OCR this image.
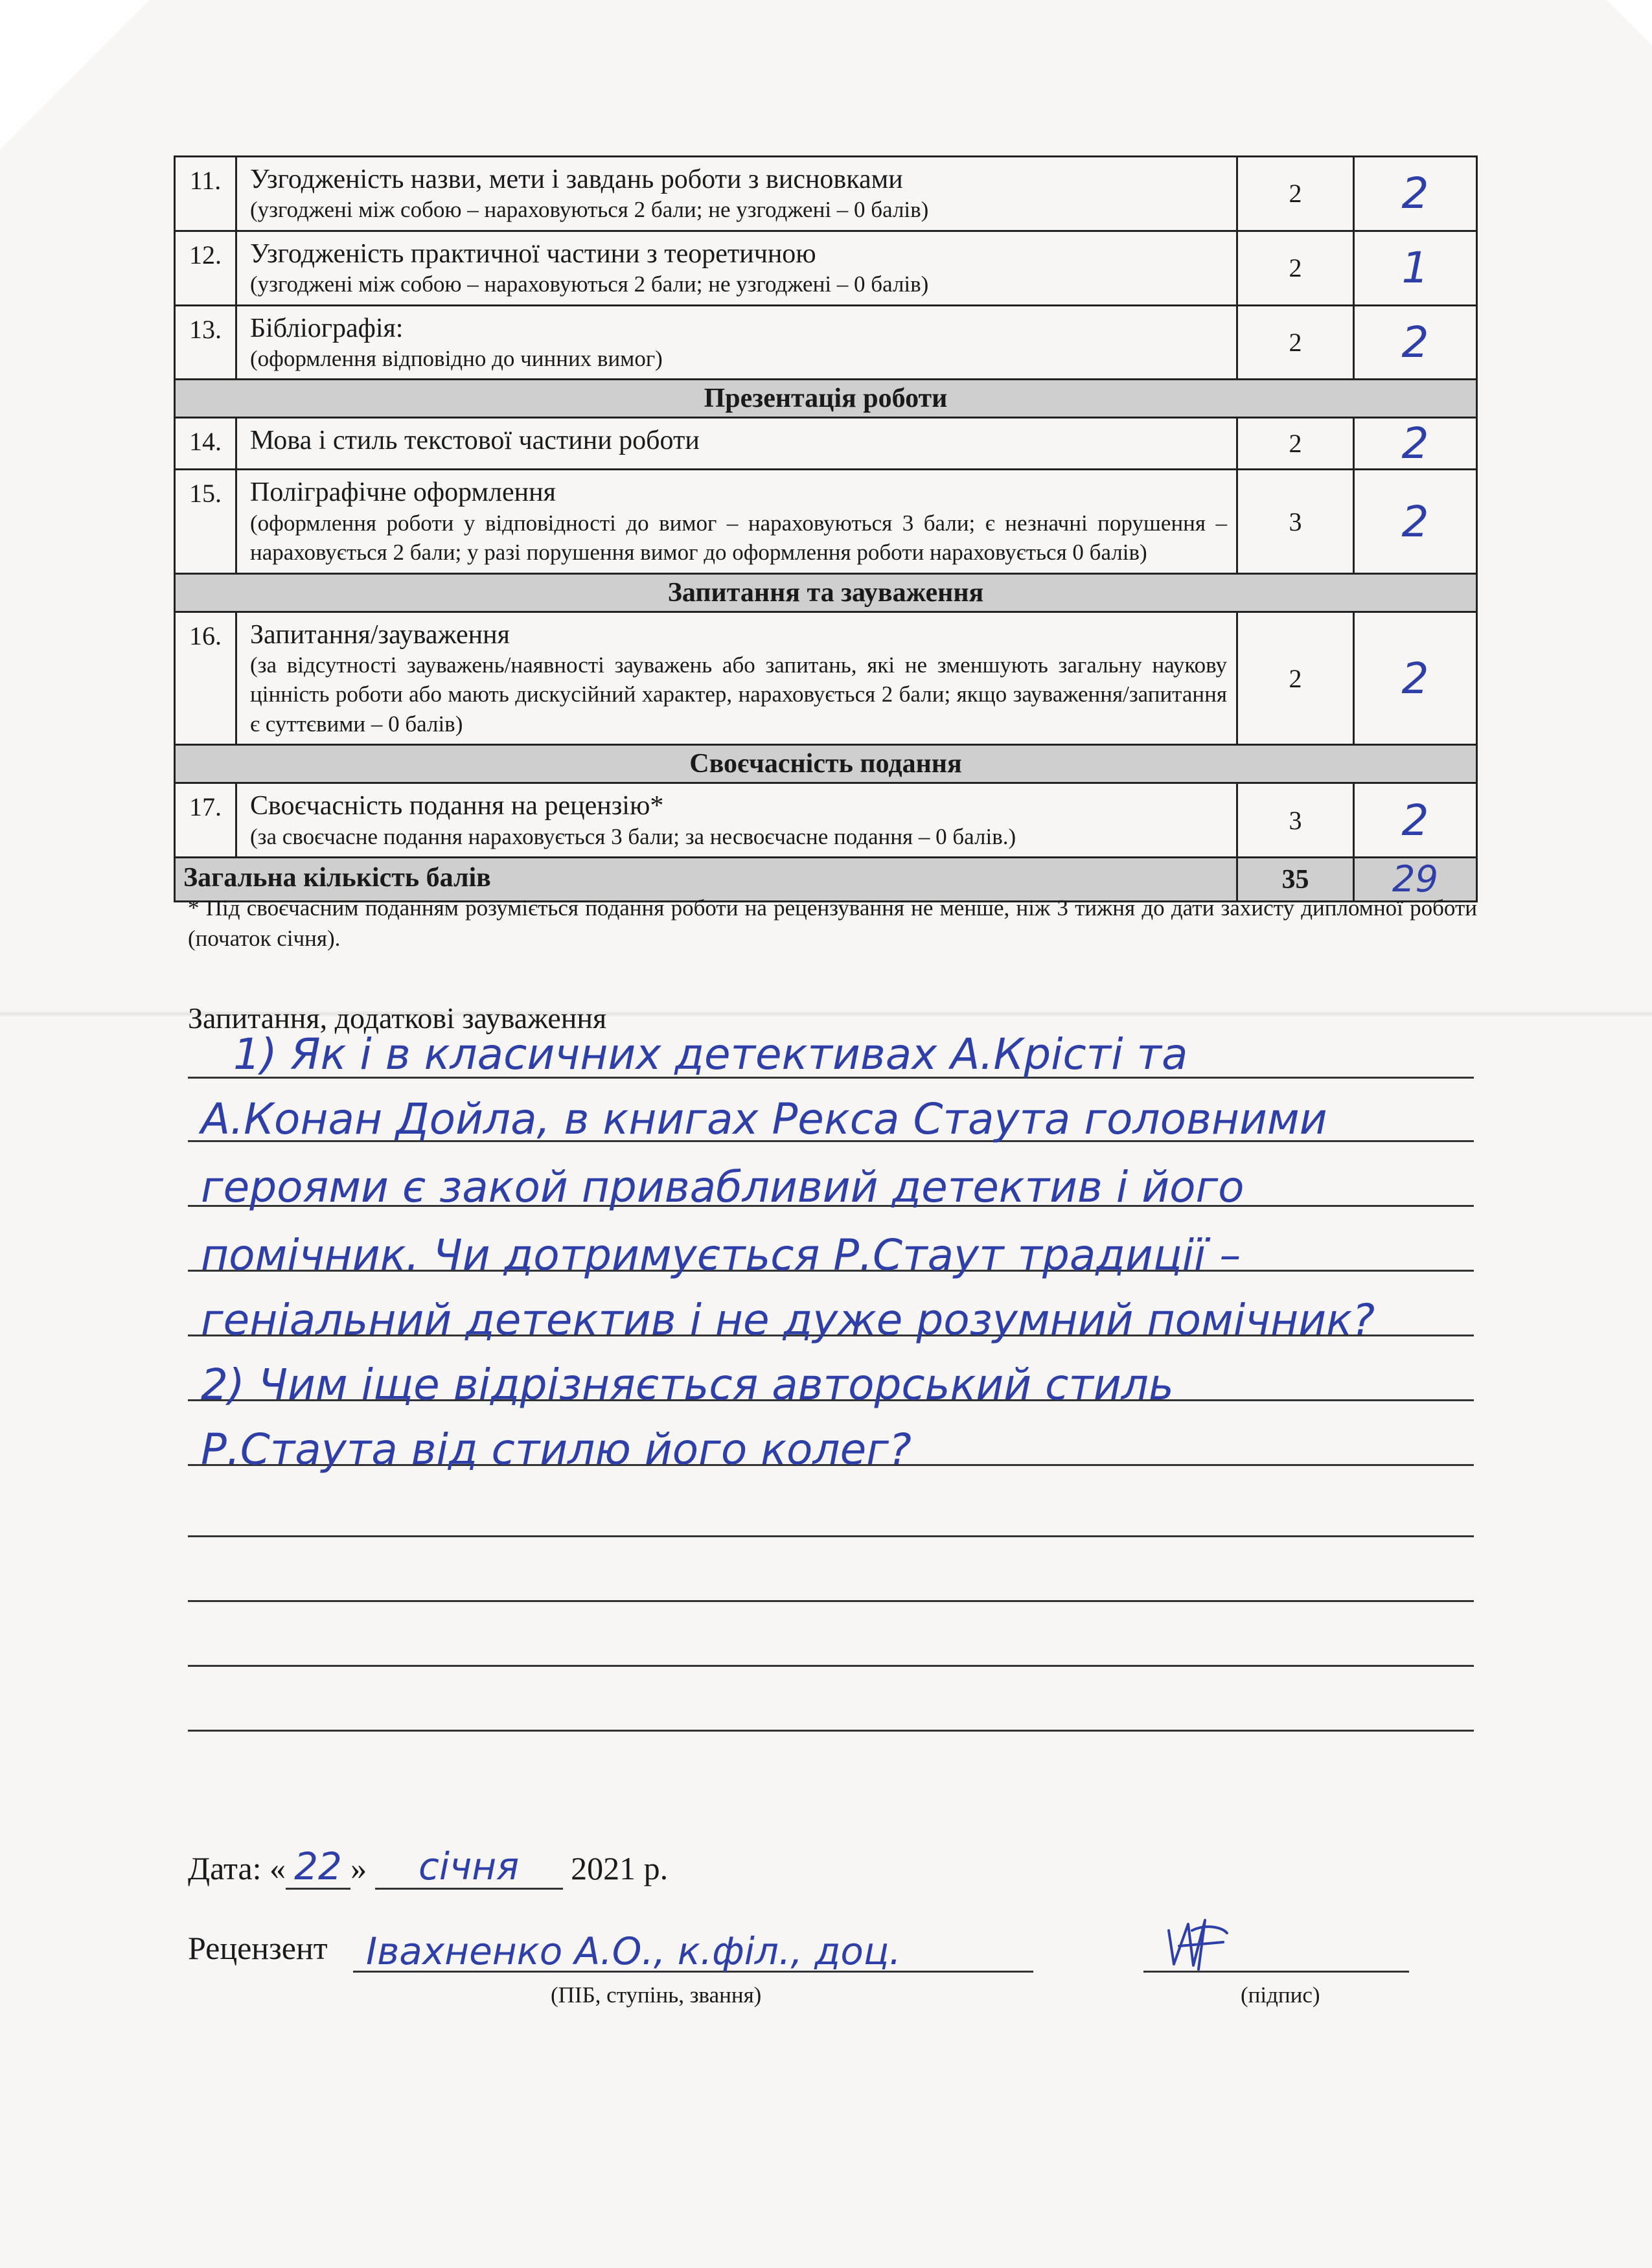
11.	Узгодженість назви, мети і завдань роботи з висновками
(узгоджені між собою – нараховуються 2 бали; не узгоджені – 0 балів)	2	2
12.	Узгодженість практичної частини з теоретичною
(узгоджені між собою – нараховуються 2 бали; не узгоджені – 0 балів)	2	1
13.	Бібліографія:
(оформлення відповідно до чинних вимог)	2	2
Презентація роботи			
14.	Мова і стиль текстової частини роботи	2	2
15.	Поліграфічне оформлення
(оформлення роботи у відповідності до вимог – нараховуються 3 бали; є незначні порушення – нараховується 2 бали; у разі порушення вимог до оформлення роботи нараховується 0 балів)	3	2
Запитання та зауваження			
16.	Запитання/зауваження
(за відсутності зауважень/наявності зауважень або запитань, які не зменшують загальну наукову цінність роботи або мають дискусійний характер, нараховується 2 бали; якщо зауваження/запитання є суттєвими – 0 балів)	2	2
Своєчасність подання			
17.	Своєчасність подання на рецензію*
(за своєчасне подання нараховується 3 бали; за несвоєчасне подання – 0 балів.)	3	2
Загальна кількість балів		35	29
* Під своєчасним поданням розуміється подання роботи на рецензування не менше, ніж 3 тижня до дати захисту дипломної роботи (початок січня).
Запитання, додаткові зауваження
1) Як і в класичних детективах А.Крісті та
А.Конан Дойла, в книгах Рекса Стаута головними
героями є закой привабливий детектив і його
помічник. Чи дотримується Р.Стаут традиції –
геніальний детектив і не дуже розумний помічник?
2) Чим іще відрізняється авторський стиль
Р.Стаута від стилю його колег?
Дата: « 22 » січня 2021 р.
Рецензент Івахненко А.О., к.філ., доц.
(ПІБ, ступінь, звання)	(підпис)
